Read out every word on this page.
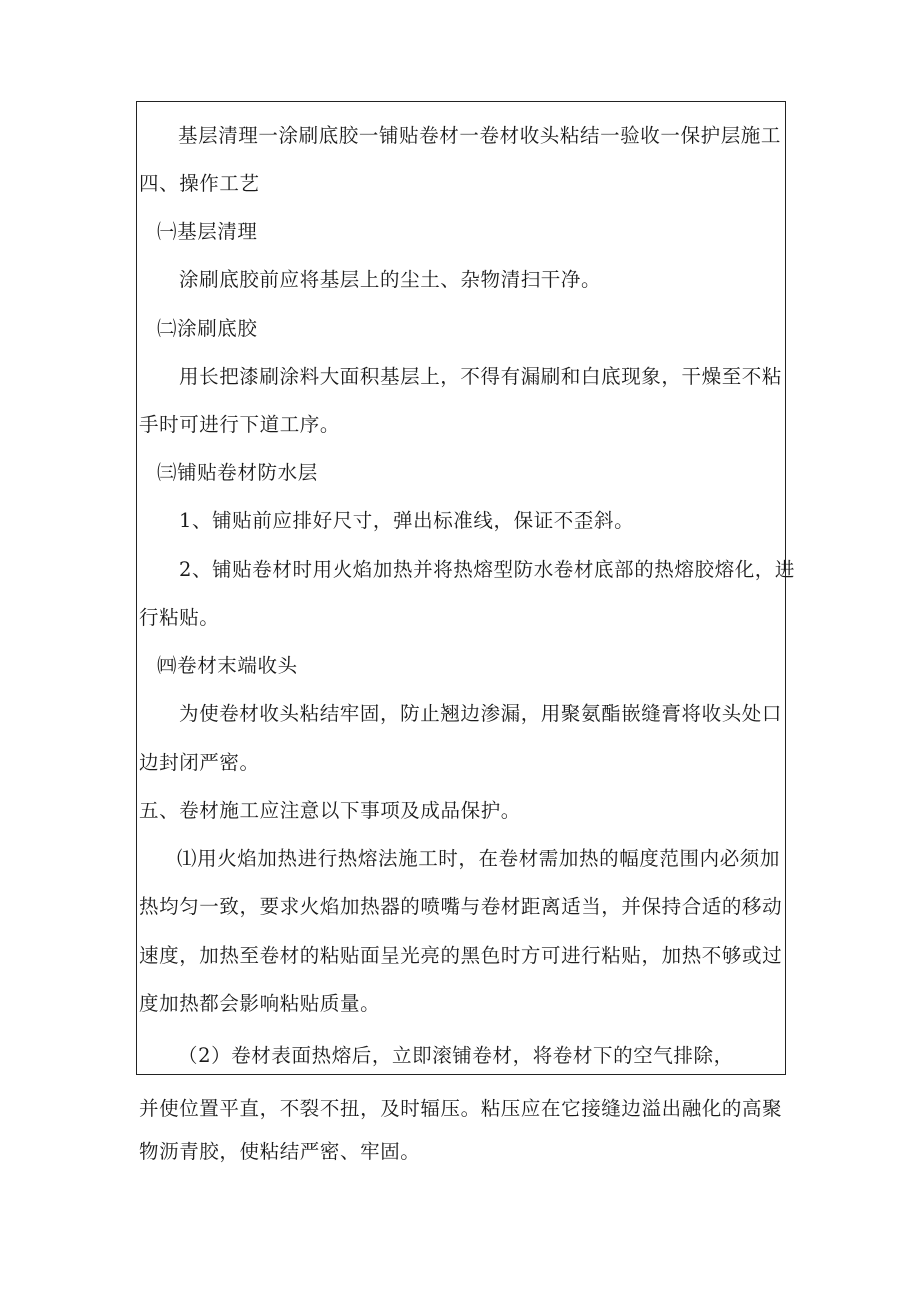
基层清理一涂刷底胶一铺贴卷材一卷材收头粘结一验收一保护层施工
四、操作工艺
㈠基层清理
涂刷底胶前应将基层上的尘土、杂物清扫干净。
㈡涂刷底胶
用长把漆刷涂料大面积基层上，不得有漏刷和白底现象，干燥至不粘
手时可进行下道工序。
㈢铺贴卷材防水层
1、铺贴前应排好尺寸，弹出标准线，保证不歪斜。
2、铺贴卷材时用火焰加热并将热熔型防水卷材底部的热熔胶熔化，进
行粘贴。
㈣卷材末端收头
为使卷材收头粘结牢固，防止翘边渗漏，用聚氨酯嵌缝膏将收头处口
边封闭严密。
五、卷材施工应注意以下事项及成品保护。
⑴用火焰加热进行热熔法施工时，在卷材需加热的幅度范围内必须加
热均匀一致，要求火焰加热器的喷嘴与卷材距离适当，并保持合适的移动
速度，加热至卷材的粘贴面呈光亮的黑色时方可进行粘贴，加热不够或过
度加热都会影响粘贴质量。
（2）卷材表面热熔后，立即滚铺卷材，将卷材下的空气排除，
并使位置平直，不裂不扭，及时辐压。粘压应在它接缝边溢出融化的高聚
物沥青胶，使粘结严密、牢固。
